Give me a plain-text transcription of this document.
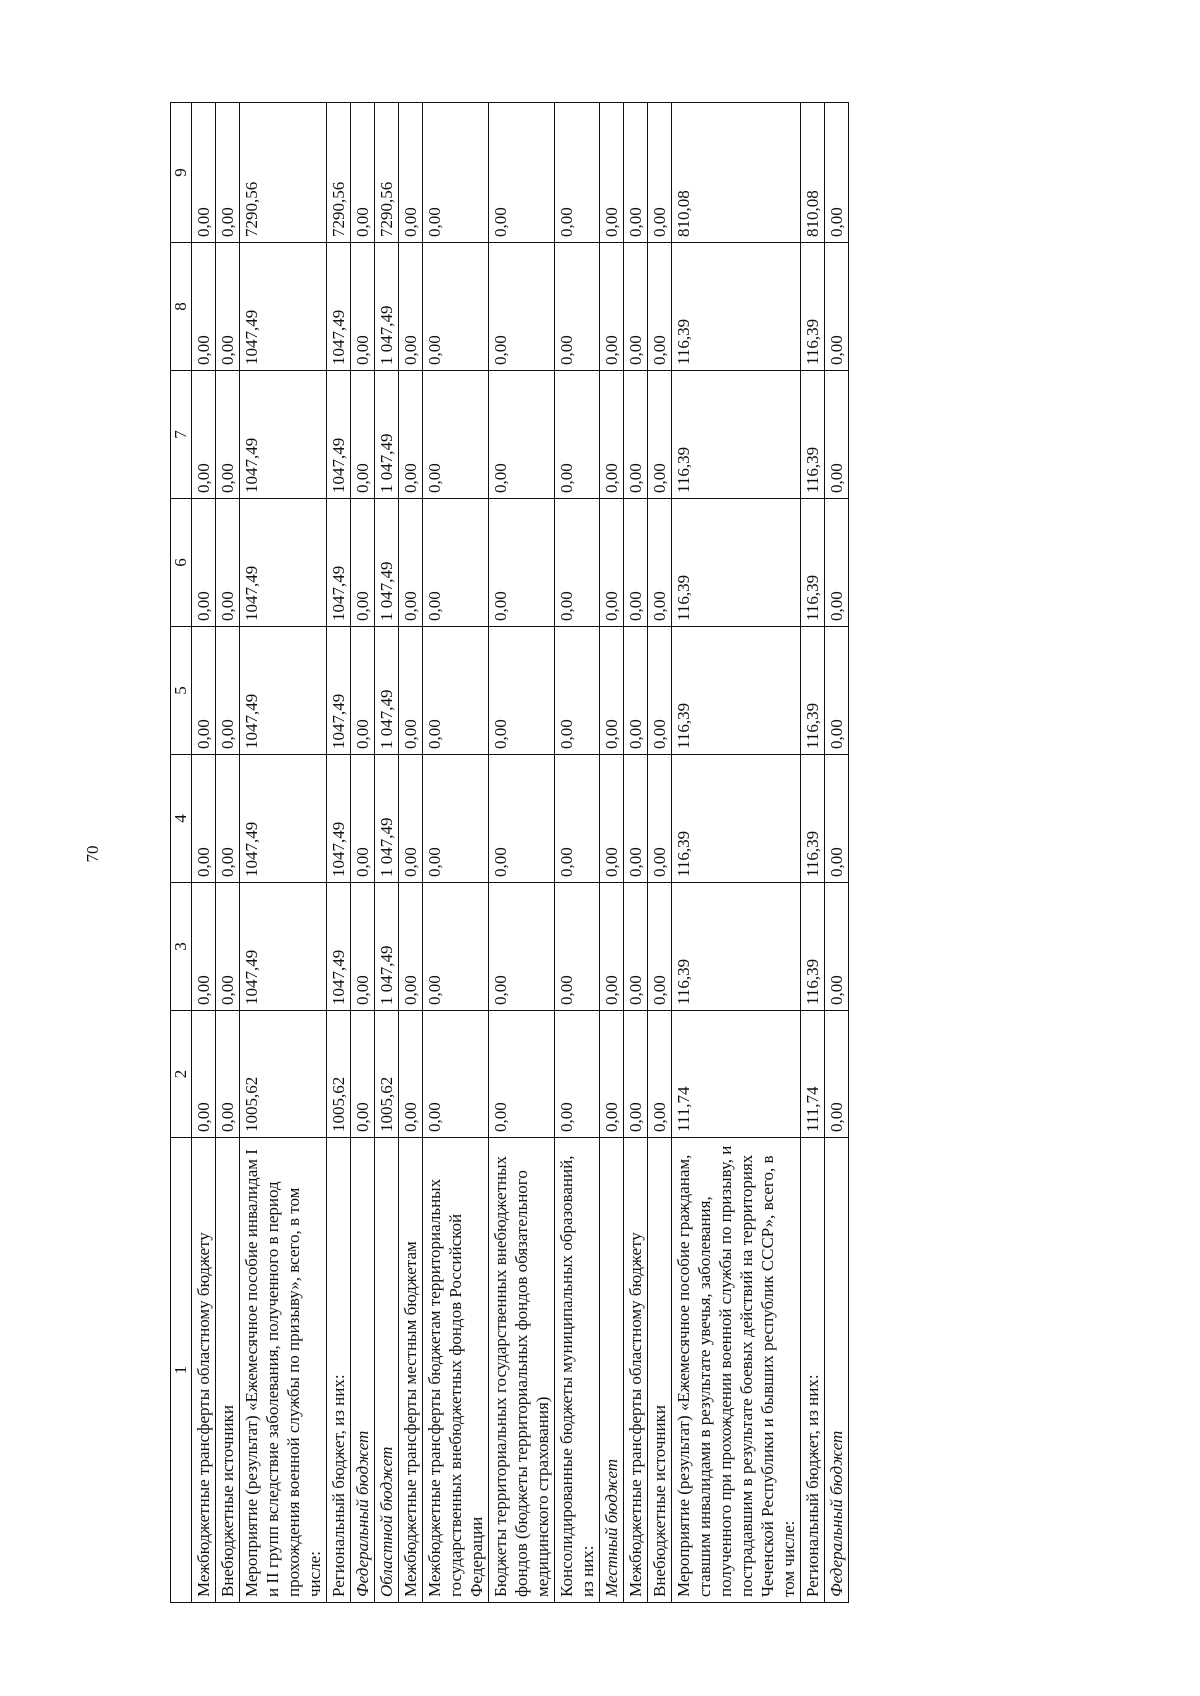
70
1	2	3	4	5	6	7	8	9
Межбюджетные трансферты областному бюджету	0,00	0,00	0,00	0,00	0,00	0,00	0,00	0,00
Внебюджетные источники	0,00	0,00	0,00	0,00	0,00	0,00	0,00	0,00
Мероприятие (результат) «Ежемесячное пособие инвалидам I и II групп вследствие заболевания, полученного в период прохождения военной службы по призыву», всего, в том числе:	1005,62	1047,49	1047,49	1047,49	1047,49	1047,49	1047,49	7290,56
Региональный бюджет, из них:	1005,62	1047,49	1047,49	1047,49	1047,49	1047,49	1047,49	7290,56
Федеральный бюджет	0,00	0,00	0,00	0,00	0,00	0,00	0,00	0,00
Областной бюджет	1005,62	1 047,49	1 047,49	1 047,49	1 047,49	1 047,49	1 047,49	7290,56
Межбюджетные трансферты местным бюджетам	0,00	0,00	0,00	0,00	0,00	0,00	0,00	0,00
Межбюджетные трансферты бюджетам территориальных государственных внебюджетных фондов Российской Федерации	0,00	0,00	0,00	0,00	0,00	0,00	0,00	0,00
Бюджеты территориальных государственных внебюджетных фондов (бюджеты территориальных фондов обязательного медицинского страхования)	0,00	0,00	0,00	0,00	0,00	0,00	0,00	0,00
Консолидированные бюджеты муниципальных образований, из них:	0,00	0,00	0,00	0,00	0,00	0,00	0,00	0,00
Местный бюджет	0,00	0,00	0,00	0,00	0,00	0,00	0,00	0,00
Межбюджетные трансферты областному бюджету	0,00	0,00	0,00	0,00	0,00	0,00	0,00	0,00
Внебюджетные источники	0,00	0,00	0,00	0,00	0,00	0,00	0,00	0,00
Мероприятие (результат) «Ежемесячное пособие гражданам, ставшим инвалидами в результате увечья, заболевания, полученного при прохождении военной службы по призыву, и пострадавшим в результате боевых действий на территориях Чеченской Республики и бывших республик СССР», всего, в том числе:	111,74	116,39	116,39	116,39	116,39	116,39	116,39	810,08
Региональный бюджет, из них:	111,74	116,39	116,39	116,39	116,39	116,39	116,39	810,08
Федеральный бюджет	0,00	0,00	0,00	0,00	0,00	0,00	0,00	0,00
